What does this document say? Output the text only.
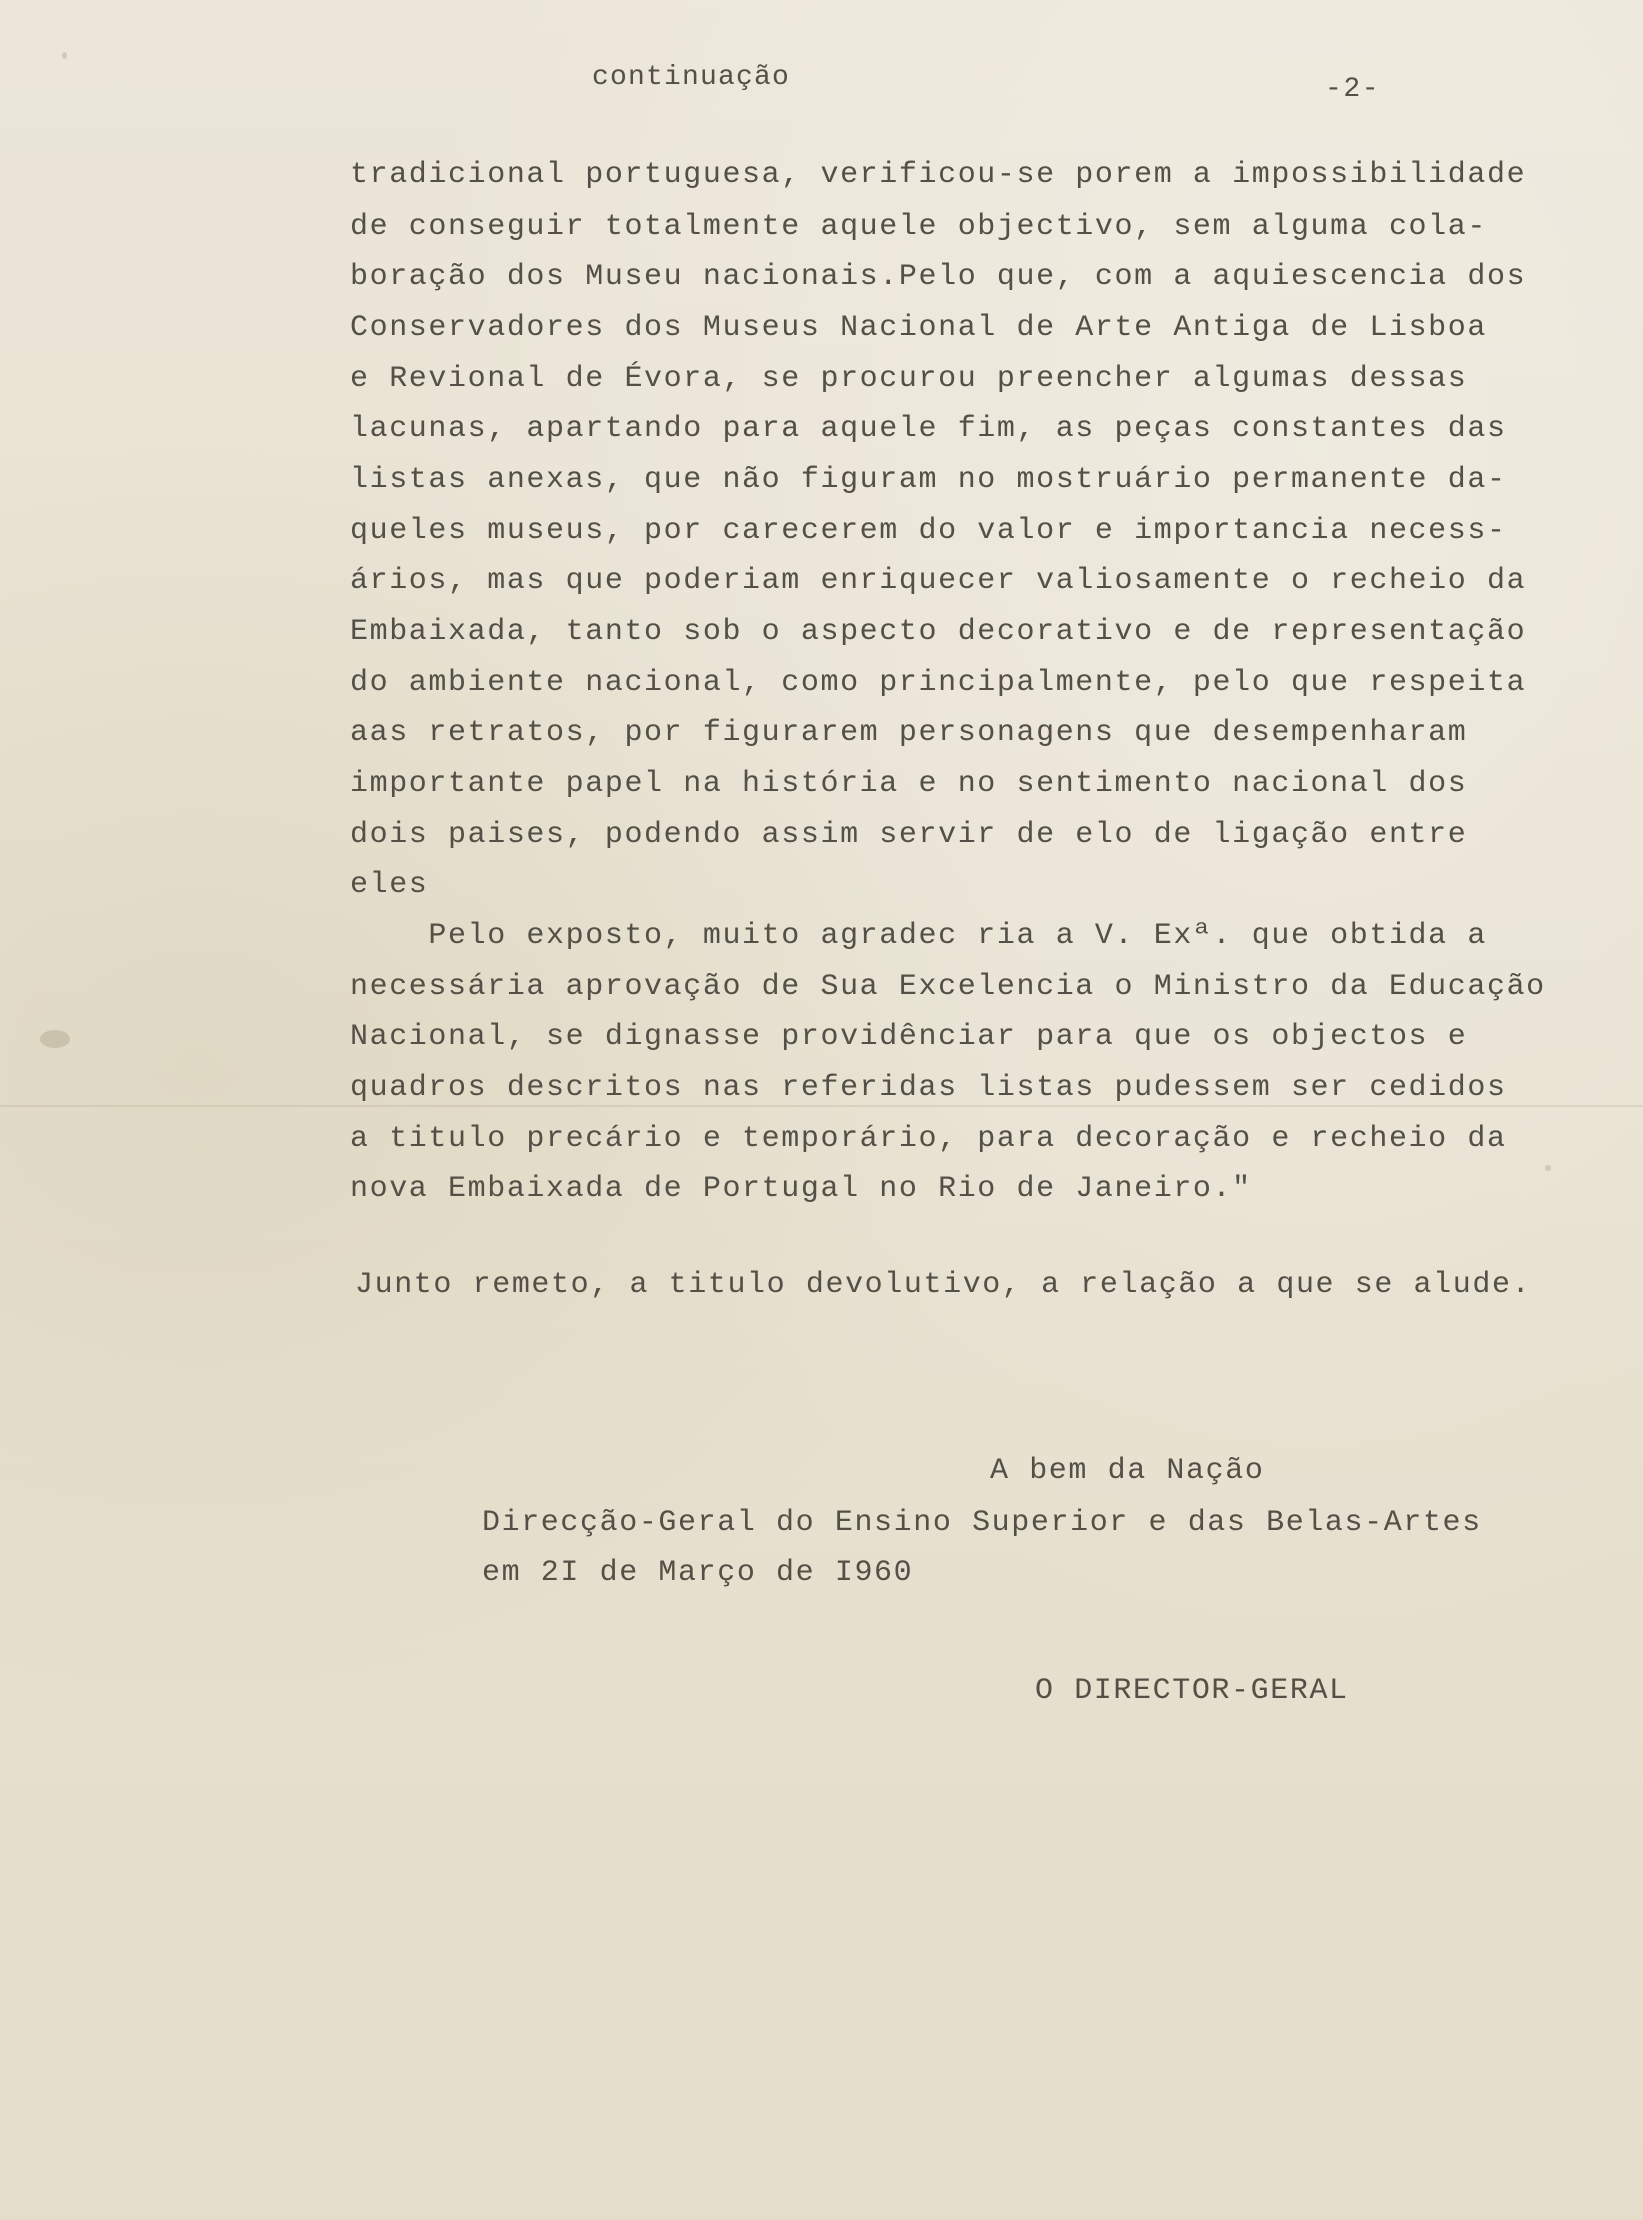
continuação	-2-

tradicional portuguesa, verificou-se porem a impossibilidade

de conseguir totalmente aquele objectivo, sem alguma cola-

boração dos Museu nacionais.Pelo que, com a aquiescencia dos

Conservadores dos Museus Nacional de Arte Antiga de Lisboa

e Revional de Évora, se procurou preencher algumas dessas

lacunas, apartando para aquele fim, as peças constantes das

listas anexas, que não figuram no mostruário permanente da-

queles museus, por carecerem do valor e importancia necess-

ários, mas que poderiam enriquecer valiosamente o recheio da

Embaixada, tanto sob o aspecto decorativo e de representação

do ambiente nacional, como principalmente, pelo que respeita

aas retratos, por figurarem personagens que desempenharam

importante papel na história e no sentimento nacional dos

dois paises, podendo assim servir de elo de ligação entre

eles

Pelo exposto, muito agradec ria a V. Exª. que obtida a

necessária aprovação de Sua Excelencia o Ministro da Educação

Nacional, se dignasse providênciar para que os objectos e

quadros descritos nas referidas listas pudessem ser cedidos

a titulo precário e temporário, para decoração e recheio da

nova Embaixada de Portugal no Rio de Janeiro."

Junto remeto, a titulo devolutivo, a relação a que se alude.

A bem da Nação

Direcção-Geral do Ensino Superior e das Belas-Artes

em 2I de Março de I960

O DIRECTOR-GERAL
